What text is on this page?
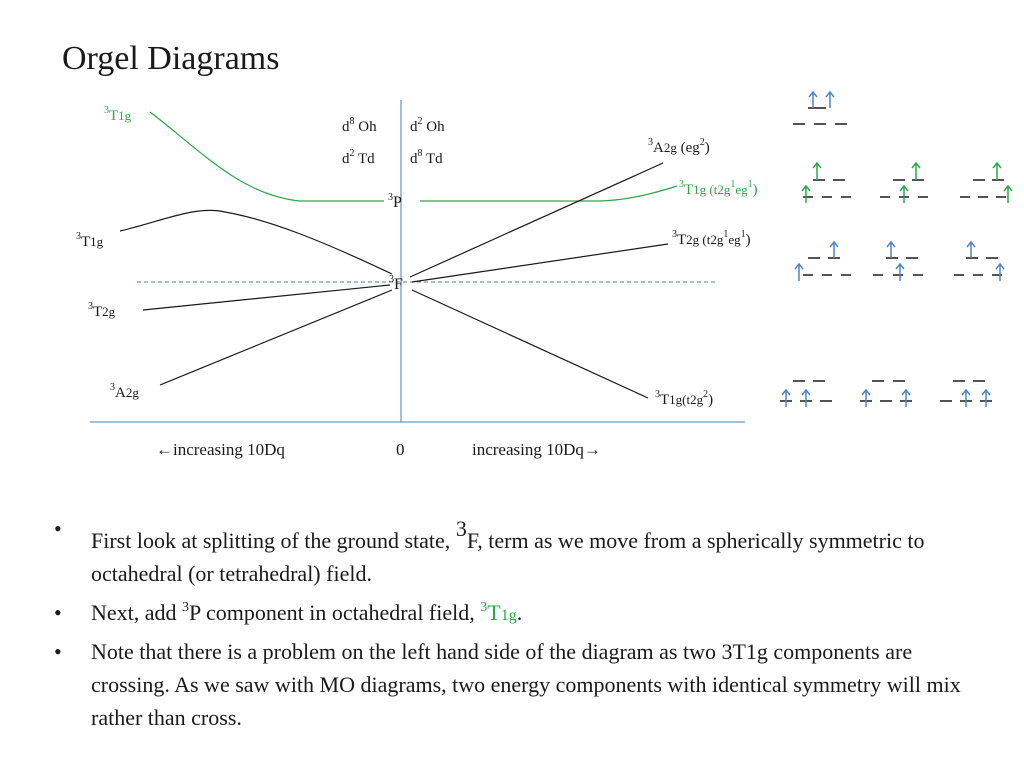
Orgel Diagrams
$d^8$ Oh $d^2$ Oh
$d^2$ Td $d^8$ Td
$^3$P
$^3$F
$^3$T1g
$^3$T1g
$^3$T2g
$^3$A2g
$^3$A2g $(eg^2)$
$^3$T1g $(t2g^1eg^1)$
$^3$T2g $(t2g^1eg^1)$
$^3T1g(t2g^2)$
←increasing 10Dq	0	increasing 10Dq→
• First look at splitting of the ground state, $^3$F, term as we move from a spherically symmetric to octahedral (or tetrahedral) field.
• Next, add $^3$P component in octahedral field, $^3$T1g.
• Note that there is a problem on the left hand side of the diagram as two 3T1g components are crossing. As we saw with MO diagrams, two energy components with identical symmetry will mix rather than cross.
